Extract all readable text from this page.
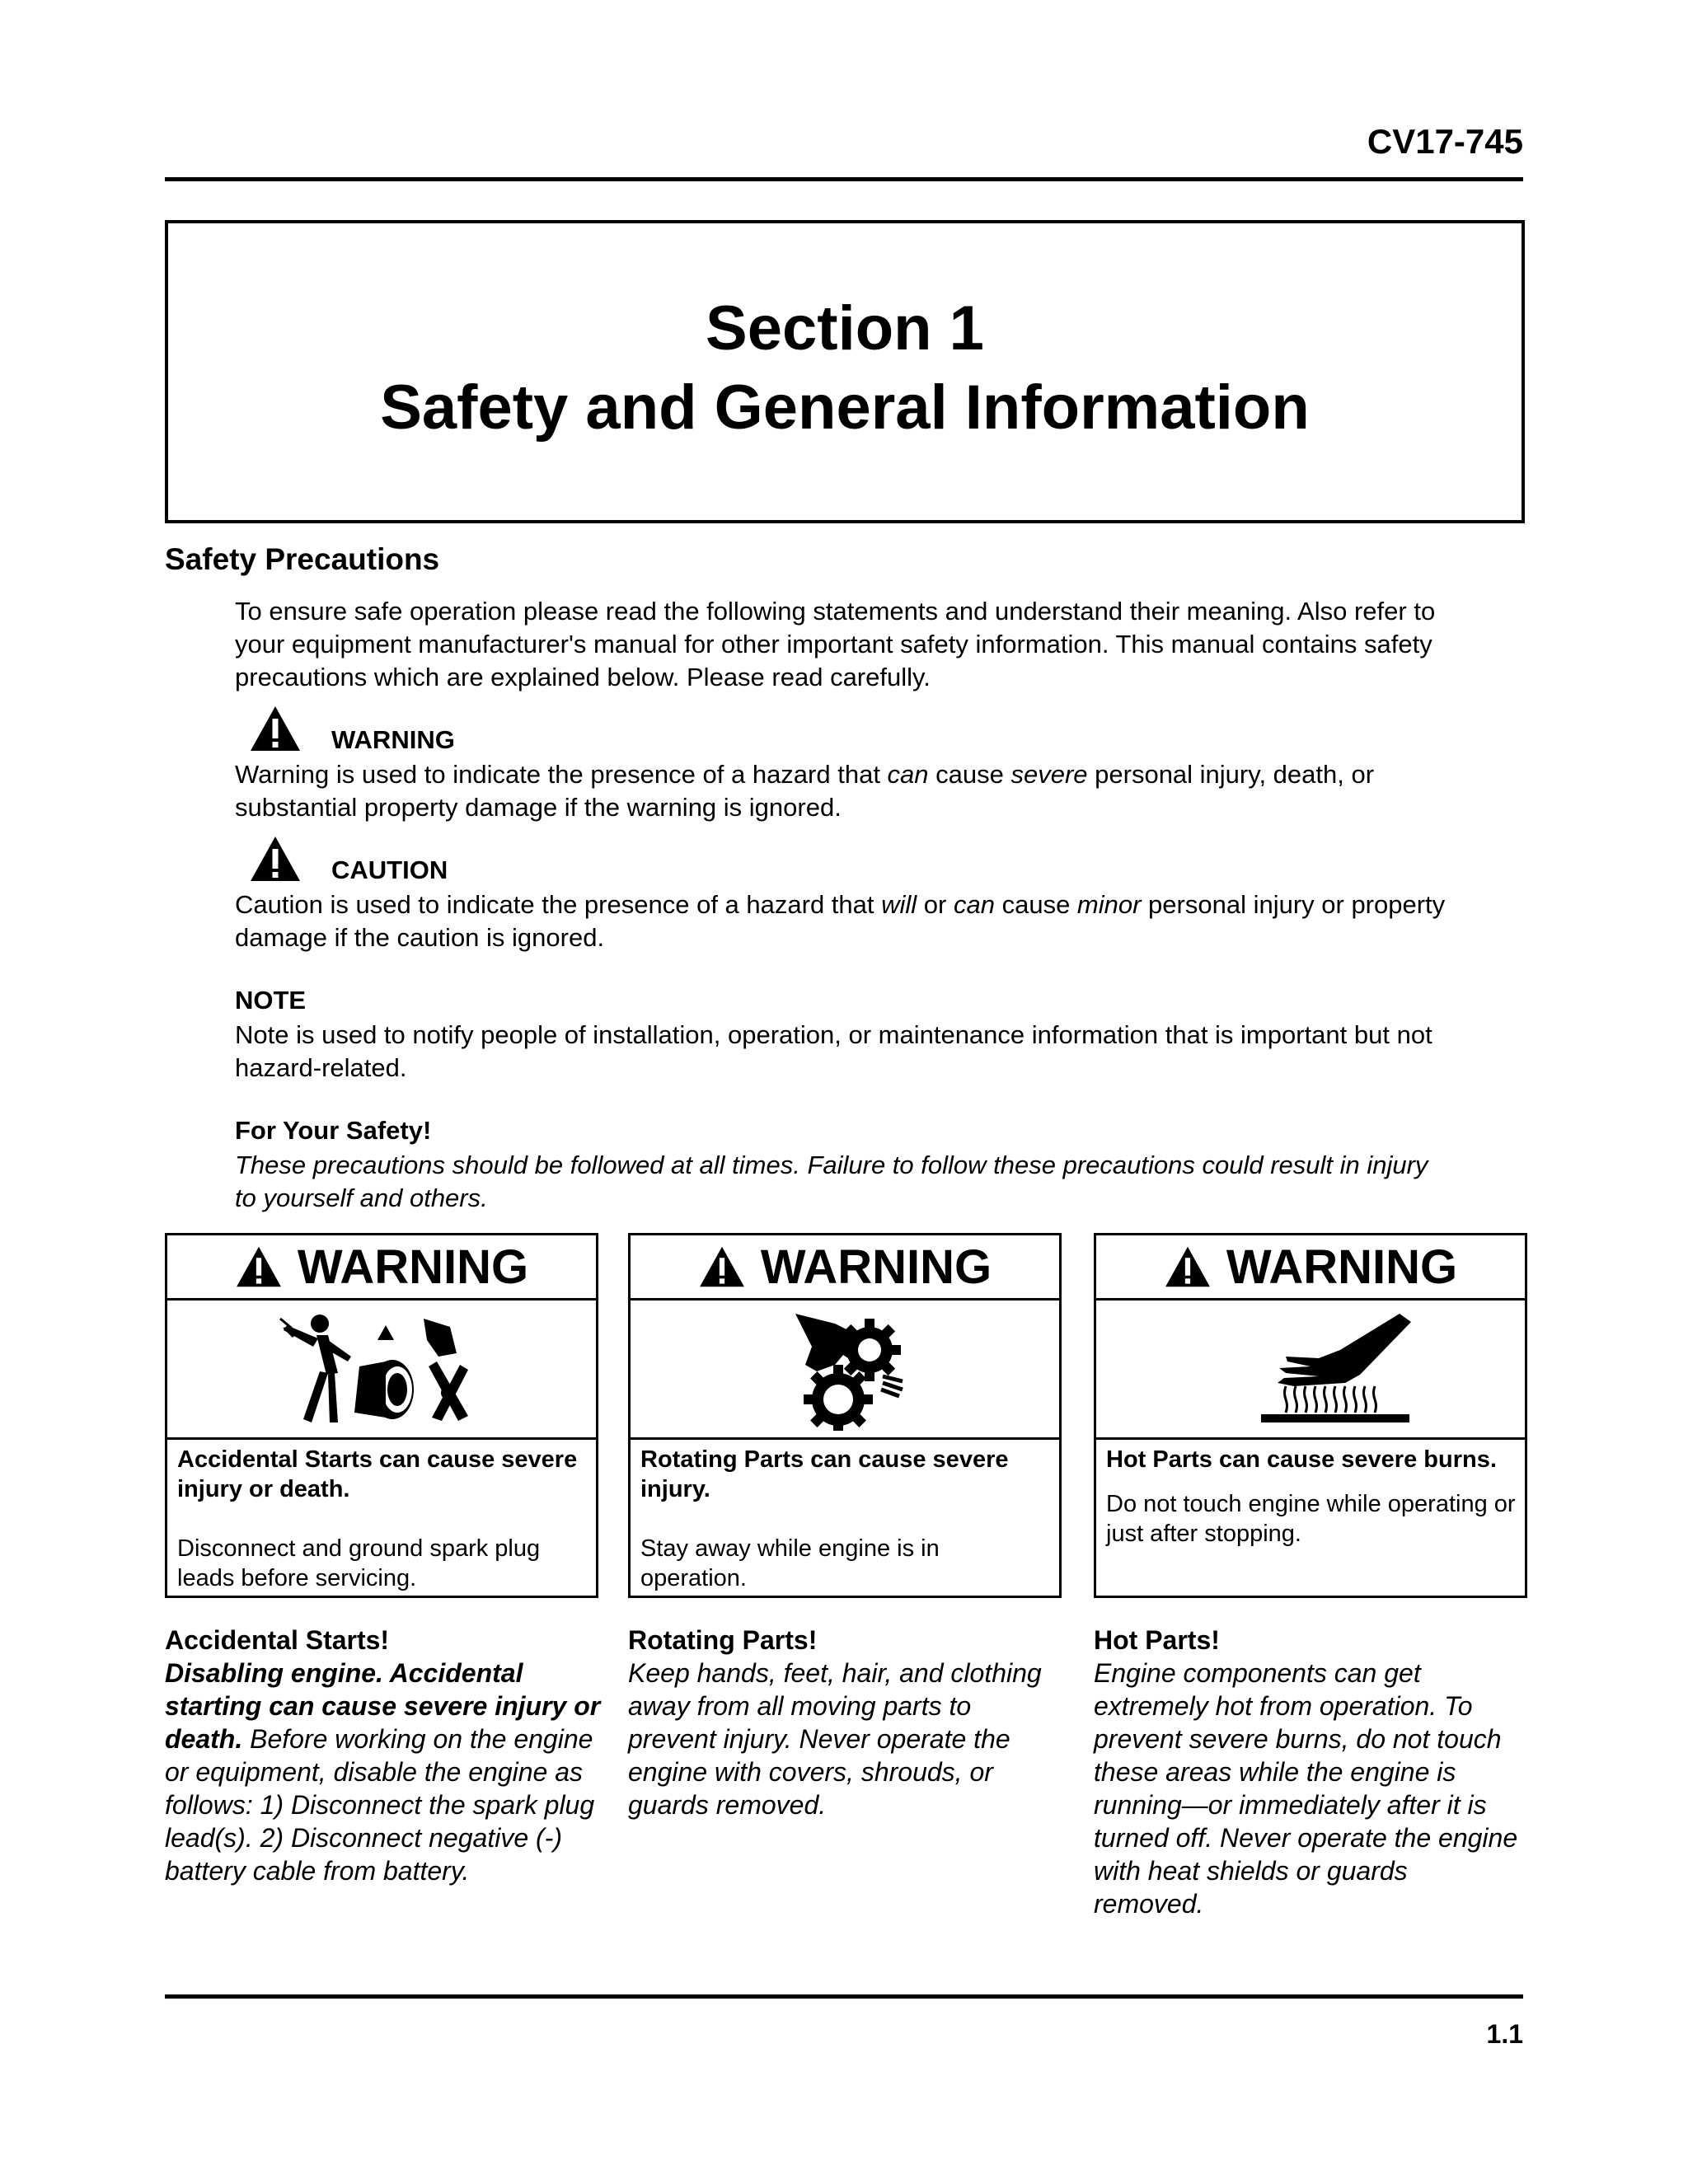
CV17-745
Section 1
Safety and General Information
Safety Precautions
To ensure safe operation please read the following statements and understand their meaning. Also refer to your equipment manufacturer's manual for other important safety information. This manual contains safety precautions which are explained below. Please read carefully.
WARNING
Warning is used to indicate the presence of a hazard that can cause severe personal injury, death, or substantial property damage if the warning is ignored.
CAUTION
Caution is used to indicate the presence of a hazard that will or can cause minor personal injury or property damage if the caution is ignored.
NOTE
Note is used to notify people of installation, operation, or maintenance information that is important but not hazard-related.
For Your Safety!
These precautions should be followed at all times. Failure to follow these precautions could result in injury to yourself and others.
WARNING
Accidental Starts can cause severe injury or death.
Disconnect and ground spark plug leads before servicing.
WARNING
Rotating Parts can cause severe injury.
Stay away while engine is in operation.
WARNING
Hot Parts can cause severe burns.
Do not touch engine while operating or just after stopping.
Accidental Starts!
Disabling engine. Accidental starting can cause severe injury or death. Before working on the engine or equipment, disable the engine as follows: 1) Disconnect the spark plug lead(s). 2) Disconnect negative (-) battery cable from battery.
Rotating Parts!
Keep hands, feet, hair, and clothing away from all moving parts to prevent injury. Never operate the engine with covers, shrouds, or guards removed.
Hot Parts!
Engine components can get extremely hot from operation. To prevent severe burns, do not touch these areas while the engine is running—or immediately after it is turned off. Never operate the engine with heat shields or guards removed.
1.1
